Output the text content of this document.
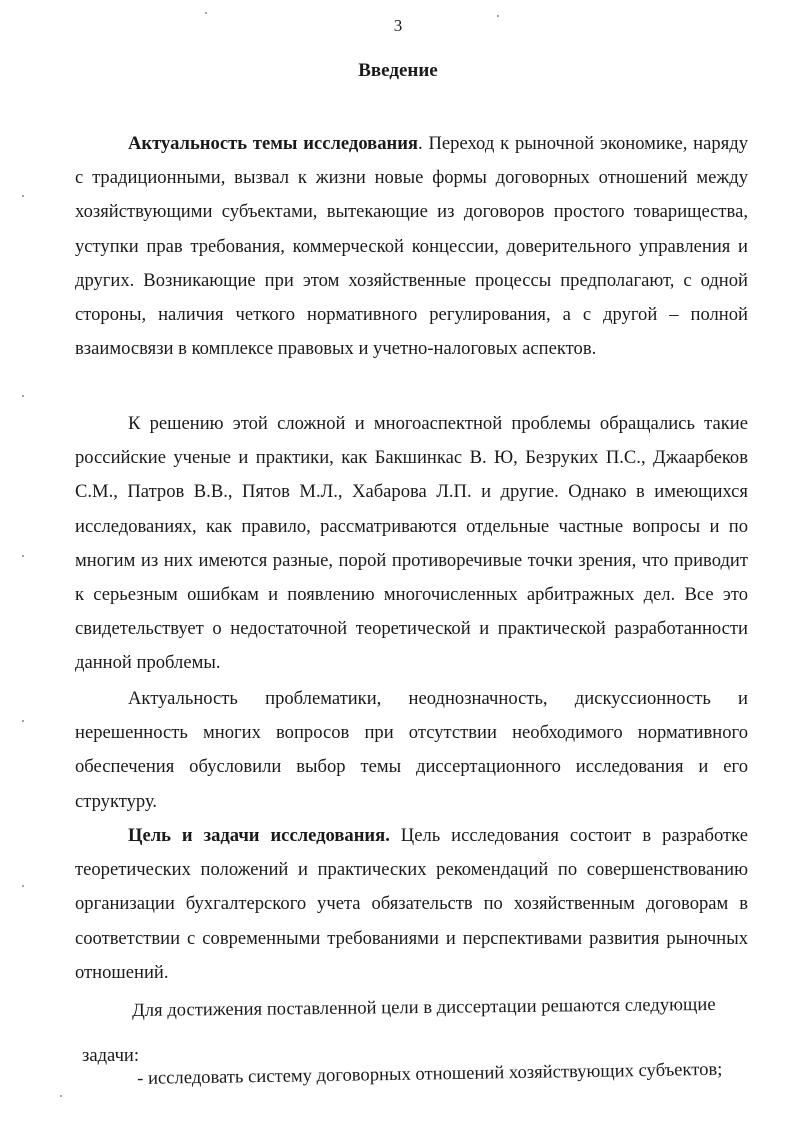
3
Введение
Актуальность темы исследования. Переход к рыночной экономике, наряду с традиционными, вызвал к жизни новые формы договорных отношений между хозяйствующими субъектами, вытекающие из договоров простого товарищества, уступки прав требования, коммерческой концессии, доверительного управления и других. Возникающие при этом хозяйственные процессы предполагают, с одной стороны, наличия четкого нормативного регулирования, а с другой – полной взаимосвязи в комплексе правовых и учетно-налоговых аспектов.
К решению этой сложной и многоаспектной проблемы обращались такие российские ученые и практики, как Бакшинкас В. Ю, Безруких П.С., Джаарбеков С.М., Патров В.В., Пятов М.Л., Хабарова Л.П. и другие. Однако в имеющихся исследованиях, как правило, рассматриваются отдельные частные вопросы и по многим из них имеются разные, порой противоречивые точки зрения, что приводит к серьезным ошибкам и появлению многочисленных арбитражных дел. Все это свидетельствует о недостаточной теоретической и практической разработанности данной проблемы.
Актуальность проблематики, неоднозначность, дискуссионность и нерешенность многих вопросов при отсутствии необходимого нормативного обеспечения обусловили выбор темы диссертационного исследования и его структуру.
Цель и задачи исследования. Цель исследования состоит в разработке теоретических положений и практических рекомендаций по совершенствованию организации бухгалтерского учета обязательств по хозяйственным договорам в соответствии с современными требованиями и перспективами развития рыночных отношений.
Для достижения поставленной цели в диссертации решаются следующие
задачи:
- исследовать систему договорных отношений хозяйствующих субъектов;
